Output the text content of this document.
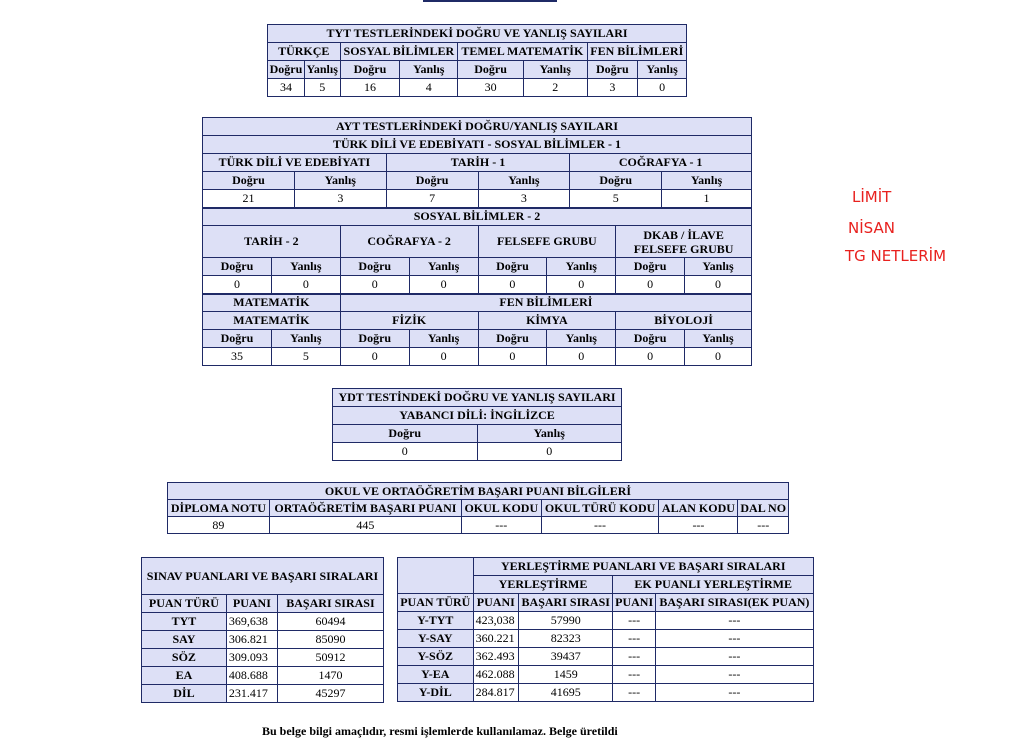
TYT TESTLERİNDEKİ DOĞRU VE YANLIŞ SAYILARI							
TÜRKÇE		SOSYAL BİLİMLER		TEMEL MATEMATİK		FEN BİLİMLERİ	
Doğru	Yanlış	Doğru	Yanlış	Doğru	Yanlış	Doğru	Yanlış
34	5	16	4	30	2	3	0
AYT TESTLERİNDEKİ DOĞRU/YANLIŞ SAYILARI											
TÜRK DİLİ VE EDEBİYATI - SOSYAL BİLİMLER - 1											
TÜRK DİLİ VE EDEBİYATI				TARİH - 1				COĞRAFYA - 1			
Doğru		Yanlış		Doğru		Yanlış		Doğru		Yanlış	
21		3		7		3		5		1	
SOSYAL BİLİMLER - 2											
TARİH - 2			COĞRAFYA - 2			FELSEFE GRUBU			DKAB / İLAVE FELSEFE GRUBU		
Doğru	Yanlış		Doğru		Yanlış	Doğru	Yanlış		Doğru		Yanlış
0	0		0		0	0	0		0		0
MATEMATİK			FEN BİLİMLERİ								
MATEMATİK			FİZİK			KİMYA			BİYOLOJİ		
Doğru	Yanlış		Doğru		Yanlış	Doğru	Yanlış		Doğru		Yanlış
35	5		0		0	0	0		0		0
YDT TESTİNDEKİ DOĞRU VE YANLIŞ SAYILARI	
YABANCI DİLİ: İNGİLİZCE	
Doğru	Yanlış
0	0
OKUL VE ORTAÖĞRETİM BAŞARI PUANI BİLGİLERİ					
DİPLOMA NOTU	ORTAÖĞRETİM BAŞARI PUANI	OKUL KODU	OKUL TÜRÜ KODU	ALAN KODU	DAL NO
89	445	---	---	---	---
SINAV PUANLARI VE BAŞARI SIRALARI		
PUAN TÜRÜ	PUANI	BAŞARI SIRASI
TYT	369,638	60494
SAY	306.821	85090
SÖZ	309.093	50912
EA	408.688	1470
DİL	231.417	45297
	YERLEŞTİRME PUANLARI VE BAŞARI SIRALARI			
	YERLEŞTİRME		EK PUANLI YERLEŞTİRME	
PUAN TÜRÜ	PUANI	BAŞARI SIRASI	PUANI	BAŞARI SIRASI(EK PUAN)
Y-TYT	423,038	57990	---	---
Y-SAY	360.221	82323	---	---
Y-SÖZ	362.493	39437	---	---
Y-EA	462.088	1459	---	---
Y-DİL	284.817	41695	---	---
LİMİT
NİSAN
TG NETLERİM
Bu belge bilgi amaçlıdır, resmi işlemlerde kullanılamaz. Belge üretildi
